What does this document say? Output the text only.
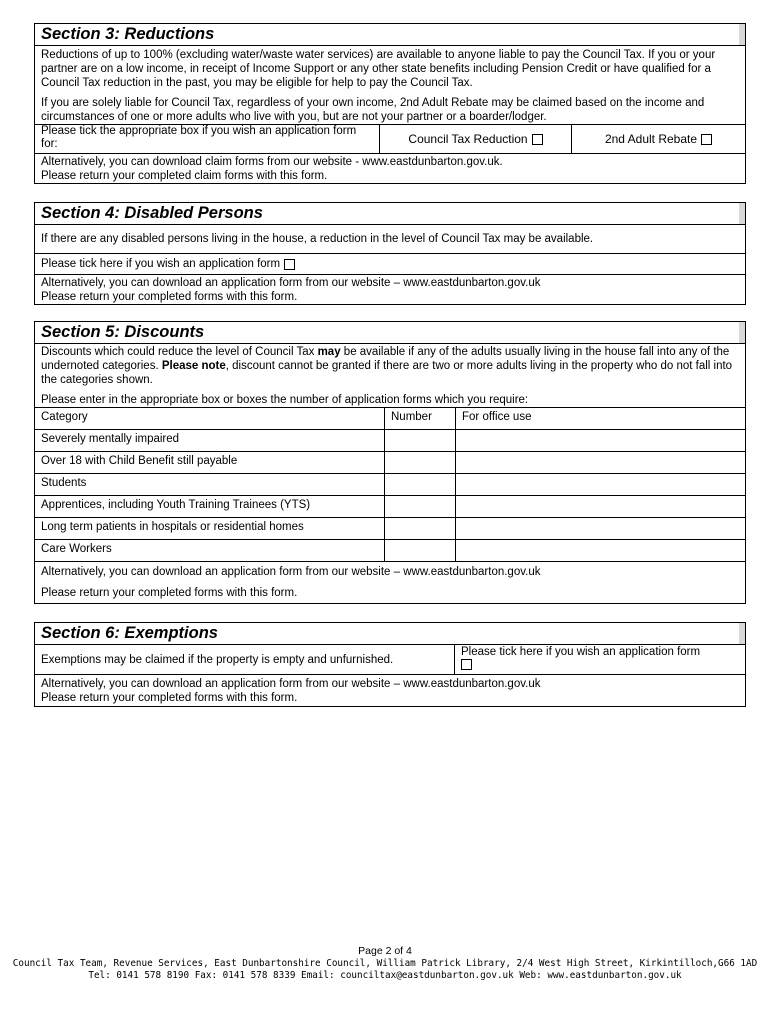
Section 3: Reductions
Reductions of up to 100% (excluding water/waste water services) are available to anyone liable to pay the Council Tax. If you or your partner are on a low income, in receipt of Income Support or any other state benefits including Pension Credit or have qualified for a Council Tax reduction in the past, you may be eligible for help to pay the Council Tax.
If you are solely liable for Council Tax, regardless of your own income, 2nd Adult Rebate may be claimed based on the income and circumstances of one or more adults who live with you, but are not your partner or a boarder/lodger.
Please tick the appropriate box if you wish an application form for:	Council Tax Reduction	2nd Adult Rebate
Alternatively, you can download claim forms from our website - www.eastdunbarton.gov.uk.
Please return your completed claim forms with this form.
Section 4: Disabled Persons
If there are any disabled persons living in the house, a reduction in the level of Council Tax may be available.
Please tick here if you wish an application form
Alternatively, you can download an application form from our website – www.eastdunbarton.gov.uk
Please return your completed forms with this form.
Section 5: Discounts
Discounts which could reduce the level of Council Tax may be available if any of the adults usually living in the house fall into any of the undernoted categories. Please note, discount cannot be granted if there are two or more adults living in the property who do not fall into the categories shown.
Please enter in the appropriate box or boxes the number of application forms which you require:
Category	Number	For office use
Severely mentally impaired		
Over 18 with Child Benefit still payable		
Students		
Apprentices, including Youth Training Trainees (YTS)		
Long term patients in hospitals or residential homes		
Care Workers		
Alternatively, you can download an application form from our website – www.eastdunbarton.gov.uk
Please return your completed forms with this form.
Section 6: Exemptions
Exemptions may be claimed if the property is empty and unfurnished.
Please tick here if you wish an application form
Alternatively, you can download an application form from our website – www.eastdunbarton.gov.uk
Please return your completed forms with this form.
Page 2 of 4
Council Tax Team, Revenue Services, East Dunbartonshire Council, William Patrick Library, 2/4 West High Street, Kirkintilloch,G66 1AD
Tel: 0141 578 8190 Fax: 0141 578 8339 Email: counciltax@eastdunbarton.gov.uk Web: www.eastdunbarton.gov.uk
